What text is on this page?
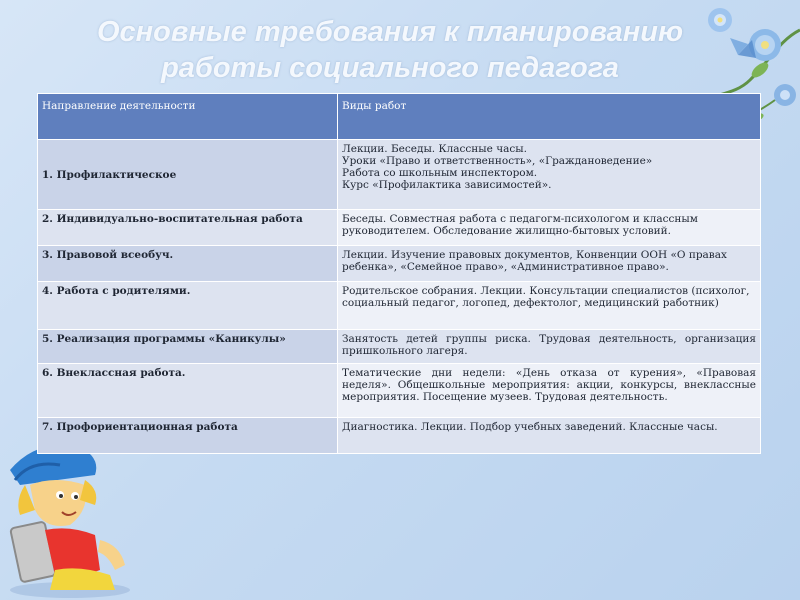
Основные требования к планированию
работы социального педагога
Направление деятельности	Виды работ

1. Профилактическое	Лекции. Беседы. Классные часы.
Уроки «Право и ответственность», «Граждановедение»
Работа со школьным инспектором.
Курс «Профилактика зависимостей».

2. Индивидуально-воспитательная работа	Беседы. Совместная работа с педагогм-психологом и классным руководителем. Обследование жилищно-бытовых условий.

3. Правовой всеобуч.	Лекции. Изучение правовых документов, Конвенции ООН «О правах ребенка», «Семейное право», «Административное право».

4. Работа с родителями.	Родительское собрания. Лекции. Консультации специалистов (психолог, социальный педагог, логопед, дефектолог, медицинский работник)

5. Реализация программы «Каникулы»	Занятость детей группы риска. Трудовая деятельность, организация пришкольного лагеря.

6. Внеклассная работа.	Тематические дни недели: «День отказа от курения», «Правовая неделя». Общешкольные мероприятия: акции, конкурсы, внеклассные мероприятия. Посещение музеев. Трудовая деятельность.

7. Профориентационная работа	Диагностика. Лекции. Подбор учебных заведений. Классные часы.
